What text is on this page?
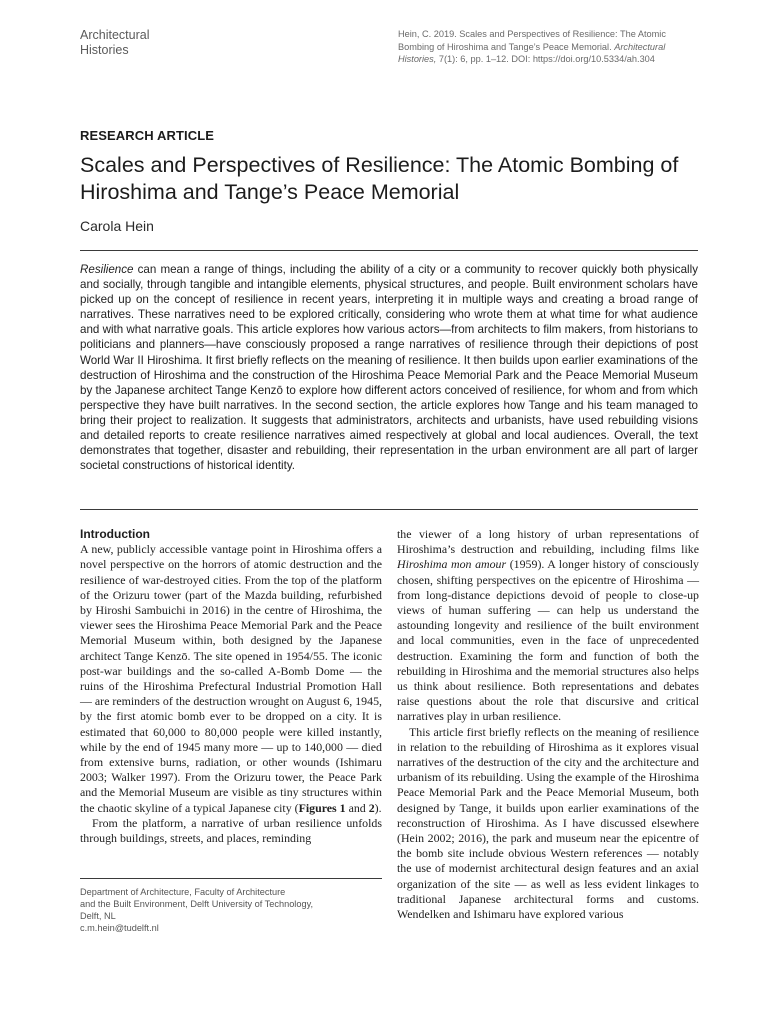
Architectural
Histories
Hein, C. 2019. Scales and Perspectives of Resilience: The Atomic Bombing of Hiroshima and Tange’s Peace Memorial. Architectural Histories, 7(1): 6, pp. 1–12. DOI: https://doi.org/10.5334/ah.304
RESEARCH ARTICLE
Scales and Perspectives of Resilience: The Atomic Bombing of Hiroshima and Tange’s Peace Memorial
Carola Hein
Resilience can mean a range of things, including the ability of a city or a community to recover quickly both physically and socially, through tangible and intangible elements, physical structures, and people. Built environment scholars have picked up on the concept of resilience in recent years, interpreting it in multiple ways and creating a broad range of narratives. These narratives need to be explored critically, considering who wrote them at what time for what audience and with what narrative goals. This article explores how various actors—from architects to film makers, from historians to politicians and planners—have consciously proposed a range narratives of resilience through their depictions of post World War II Hiroshima. It first briefly reflects on the meaning of resilience. It then builds upon earlier examinations of the destruction of Hiroshima and the construction of the Hiroshima Peace Memorial Park and the Peace Memorial Museum by the Japanese architect Tange Kenzō to explore how different actors conceived of resilience, for whom and from which perspective they have built narratives. In the second section, the article explores how Tange and his team managed to bring their project to realization. It suggests that administrators, architects and urbanists, have used rebuilding visions and detailed reports to create resilience narratives aimed respectively at global and local audiences. Overall, the text demonstrates that together, disaster and rebuilding, their representation in the urban environment are all part of larger societal constructions of historical identity.
Introduction

A new, publicly accessible vantage point in Hiroshima offers a novel perspective on the horrors of atomic destruction and the resilience of war-destroyed cities. From the top of the platform of the Orizuru tower (part of the Mazda building, refurbished by Hiroshi Sambuichi in 2016) in the centre of Hiroshima, the viewer sees the Hiroshima Peace Memorial Park and the Peace Memorial Museum within, both designed by the Japanese architect Tange Kenzō. The site opened in 1954/55. The iconic post-war buildings and the so-called A-Bomb Dome — the ruins of the Hiroshima Prefectural Industrial Promotion Hall — are reminders of the destruction wrought on August 6, 1945, by the first atomic bomb ever to be dropped on a city. It is estimated that 60,000 to 80,000 people were killed instantly, while by the end of 1945 many more — up to 140,000 — died from extensive burns, radiation, or other wounds (Ishimaru 2003; Walker 1997). From the Orizuru tower, the Peace Park and the Memorial Museum are visible as tiny structures within the chaotic skyline of a typical Japanese city (Figures 1 and 2).

From the platform, a narrative of urban resilience unfolds through buildings, streets, and places, reminding

the viewer of a long history of urban representations of Hiroshima’s destruction and rebuilding, including films like Hiroshima mon amour (1959). A longer history of consciously chosen, shifting perspectives on the epicentre of Hiroshima — from long-distance depictions devoid of people to close-up views of human suffering — can help us understand the astounding longevity and resilience of the built environment and local communities, even in the face of unprecedented destruction. Examining the form and function of both the rebuilding in Hiroshima and the memorial structures also helps us think about resilience. Both representations and debates raise questions about the role that discursive and critical narratives play in urban resilience.

This article first briefly reflects on the meaning of resilience in relation to the rebuilding of Hiroshima as it explores visual narratives of the destruction of the city and the architecture and urbanism of its rebuilding. Using the example of the Hiroshima Peace Memorial Park and the Peace Memorial Museum, both designed by Tange, it builds upon earlier examinations of the reconstruction of Hiroshima. As I have discussed elsewhere (Hein 2002; 2016), the park and museum near the epicentre of the bomb site include obvious Western references — notably the use of modernist architectural design features and an axial organization of the site — as well as less evident linkages to traditional Japanese architectural forms and customs. Wendelken and Ishimaru have explored various

Department of Architecture, Faculty of Architecture
and the Built Environment, Delft University of Technology,
Delft, NL
c.m.hein@tudelft.nl
